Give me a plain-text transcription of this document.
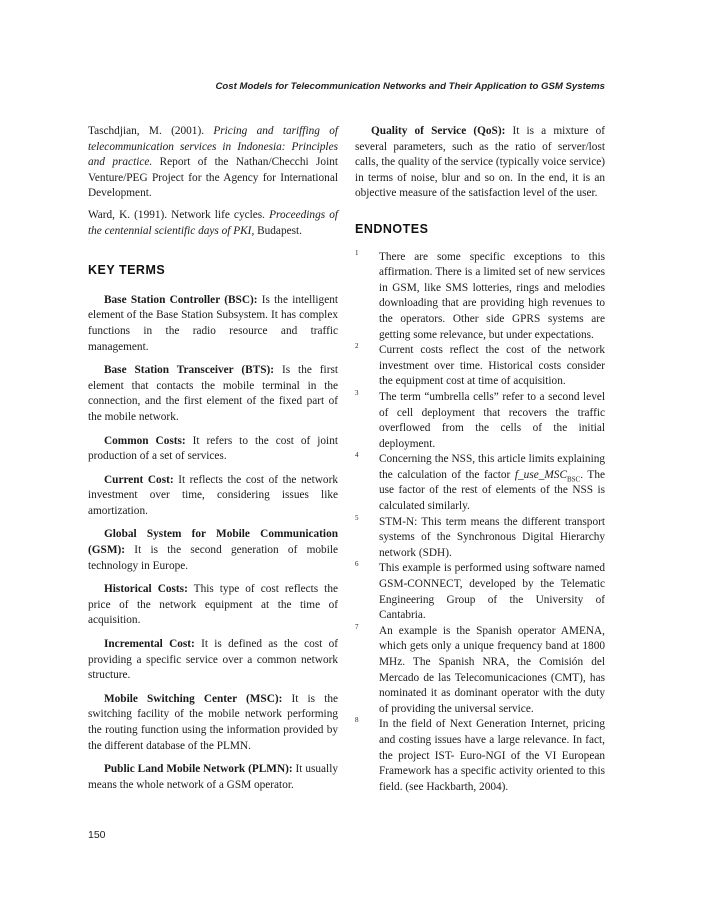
Cost Models for Telecommunication Networks and Their Application to GSM Systems

Taschdjian, M. (2001). Pricing and tariffing of telecommunication services in Indonesia: Principles and practice. Report of the Nathan/Checchi Joint Venture/PEG Project for the Agency for International Development.

Ward, K. (1991). Network life cycles. Proceedings of the centennial scientific days of PKI, Budapest.

KEY TERMS

Base Station Controller (BSC): Is the intelligent element of the Base Station Subsystem. It has complex functions in the radio resource and traffic management.

Base Station Transceiver (BTS): Is the first element that contacts the mobile terminal in the connection, and the first element of the fixed part of the mobile network.

Common Costs: It refers to the cost of joint production of a set of services.

Current Cost: It reflects the cost of the network investment over time, considering issues like amortization.

Global System for Mobile Communication (GSM): It is the second generation of mobile technology in Europe.

Historical Costs: This type of cost reflects the price of the network equipment at the time of acquisition.

Incremental Cost: It is defined as the cost of providing a specific service over a common network structure.

Mobile Switching Center (MSC): It is the switching facility of the mobile network performing the routing function using the information provided by the different database of the PLMN.

Public Land Mobile Network (PLMN): It usually means the whole network of a GSM operator.

Quality of Service (QoS): It is a mixture of several parameters, such as the ratio of server/lost calls, the quality of the service (typically voice service) in terms of noise, blur and so on. In the end, it is an objective measure of the satisfaction level of the user.

ENDNOTES
1 There are some specific exceptions to this affirmation. There is a limited set of new services in GSM, like SMS lotteries, rings and melodies downloading that are providing high revenues to the operators. Other side GPRS systems are getting some relevance, but under expectations.
2 Current costs reflect the cost of the network investment over time. Historical costs consider the equipment cost at time of acquisition.
3 The term “umbrella cells” refer to a second level of cell deployment that recovers the traffic overflowed from the cells of the initial deployment.
4 Concerning the NSS, this article limits explaining the calculation of the factor $f\_use\_MSC_{BSC}$. The use factor of the rest of elements of the NSS is calculated similarly.
5 STM-N: This term means the different transport systems of the Synchronous Digital Hierarchy network (SDH).
6 This example is performed using software named GSM-CONNECT, developed by the Telematic Engineering Group of the University of Cantabria.
7 An example is the Spanish operator AMENA, which gets only a unique frequency band at 1800 MHz. The Spanish NRA, the Comisión del Mercado de las Telecomunicaciones (CMT), has nominated it as dominant operator with the duty of providing the universal service.
8 In the field of Next Generation Internet, pricing and costing issues have a large relevance. In fact, the project IST- Euro-NGI of the VI European Framework has a specific activity oriented to this field. (see Hackbarth, 2004).
150
